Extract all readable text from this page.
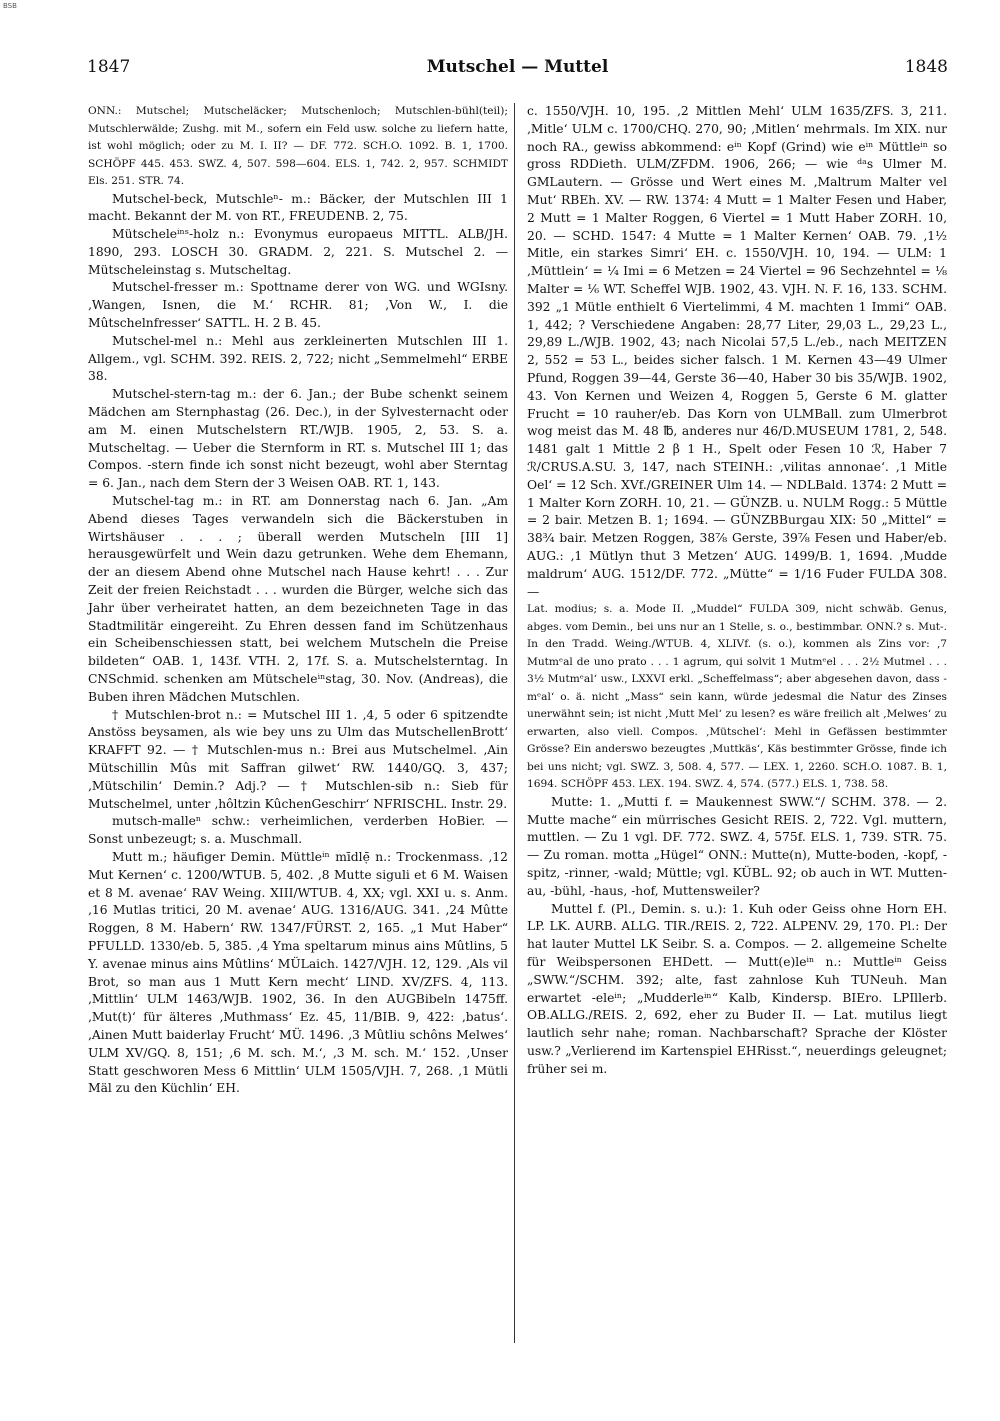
BSB
1847	Mutschel — Muttel	1848

ONN.: Mutschel; Mutscheläcker; Mutschenloch; Mutschlen-bühl(teil); Mutschlerwälde; Zushg. mit M., sofern ein Feld usw. solche zu liefern hatte, ist wohl möglich; oder zu M. I. II? — DF. 772. SCH.O. 1092. B. 1, 1700. SCHÖPF 445. 453. SWZ. 4, 507. 598—604. ELS. 1, 742. 2, 957. SCHMIDT Els. 251. STR. 74.

Mutschel-beck, Mutschleⁿ- m.: Bäcker, der Mutschlen III 1 macht. Bekannt der M. von RT., FREUDENB. 2, 75.

Mütscheleⁱⁿˢ-holz n.: Evonymus europaeus MITTL. ALB/JH. 1890, 293. LOSCH 30. GRADM. 2, 221. S. Mutschel 2. — Mütscheleinstag s. Mutscheltag.

Mutschel-fresser m.: Spottname derer von WG. und WGIsny. ‚Wangen, Isnen, die M.‘ RCHR. 81; ‚Von W., I. die Mûtschelnfresser‘ SATTL. H. 2 B. 45.

Mutschel-mel n.: Mehl aus zerkleinerten Mutschlen III 1. Allgem., vgl. SCHM. 392. REIS. 2, 722; nicht „Semmelmehl“ ERBE 38.

Mutschel-stern-tag m.: der 6. Jan.; der Bube schenkt seinem Mädchen am Sternphastag (26. Dec.), in der Sylvesternacht oder am M. einen Mutschelstern RT./WJB. 1905, 2, 53. S. a. Mutscheltag. — Ueber die Sternform in RT. s. Mutschel III 1; das Compos. -stern finde ich sonst nicht bezeugt, wohl aber Sterntag = 6. Jan., nach dem Stern der 3 Weisen OAB. RT. 1, 143.

Mutschel-tag m.: in RT. am Donnerstag nach 6. Jan. „Am Abend dieses Tages verwandeln sich die Bäckerstuben in Wirtshäuser . . . ; überall werden Mutscheln [III 1] herausgewürfelt und Wein dazu getrunken. Wehe dem Ehemann, der an diesem Abend ohne Mutschel nach Hause kehrt! . . . Zur Zeit der freien Reichstadt . . . wurden die Bürger, welche sich das Jahr über verheiratet hatten, an dem bezeichneten Tage in das Stadtmilitär eingereiht. Zu Ehren dessen fand im Schützenhaus ein Scheibenschiessen statt, bei welchem Mutscheln die Preise bildeten“ OAB. 1, 143f. VTH. 2, 17f. S. a. Mutschelsterntag. In CNSchmid. schenken am Mütscheleⁱⁿstag, 30. Nov. (Andreas), die Buben ihren Mädchen Mutschlen.

† Mutschlen-brot n.: = Mutschel III 1. ‚4, 5 oder 6 spitzendte Anstöss beysamen, als wie bey uns zu Ulm das MutschellenBrott‘ KRAFFT 92. — † Mutschlen-mus n.: Brei aus Mutschelmel. ‚Ain Mütschillin Mûs mit Saffran gilwet‘ RW. 1440/GQ. 3, 437; ‚Mütschilin‘ Demin.? Adj.? — † Mutschlen-sib n.: Sieb für Mutschelmel, unter ‚hôltzin KûchenGeschirr‘ NFRISCHL. Instr. 29.

mutsch-malleⁿ schw.: verheimlichen, verderben HoBier. — Sonst unbezeugt; s. a. Muschmall.

Mutt m.; häufiger Demin. Müttleⁱⁿ mīdlẹ̄ n.: Trockenmass. ‚12 Mut Kernen‘ c. 1200/WTUB. 5, 402. ‚8 Mutte siguli et 6 M. Waisen et 8 M. avenae‘ RAV Weing. XIII/WTUB. 4, XX; vgl. XXI u. s. Anm. ‚16 Mutlas tritici, 20 M. avenae‘ AUG. 1316/AUG. 341. ‚24 Mûtte Roggen, 8 M. Habern‘ RW. 1347/FÜRST. 2, 165. „1 Mut Haber“ PFULLD. 1330/eb. 5, 385. ‚4 Yma speltarum minus ains Mûtlins, 5 Y. avenae minus ains Mûtlins‘ MÜLaich. 1427/VJH. 12, 129. ‚Als vil Brot, so man aus 1 Mutt Kern mecht‘ LIND. XV/ZFS. 4, 113. ‚Mittlin‘ ULM 1463/WJB. 1902, 36. In den AUGBibeln 1475ff. ‚Mut(t)‘ für älteres ‚Muthmass‘ Ez. 45, 11/BIB. 9, 422: ‚batus‘. ‚Ainen Mutt baiderlay Frucht‘ MÜ. 1496. ‚3 Mûtliu schôns Melwes‘ ULM XV/GQ. 8, 151; ‚6 M. sch. M.‘, ‚3 M. sch. M.‘ 152. ‚Unser Statt geschworen Mess 6 Mittlin‘ ULM 1505/VJH. 7, 268. ‚1 Mütli Mäl zu den Küchlin‘ EH.

c. 1550/VJH. 10, 195. ‚2 Mittlen Mehl‘ ULM 1635/ZFS. 3, 211. ‚Mitle‘ ULM c. 1700/CHQ. 270, 90; ‚Mitlen‘ mehrmals. Im XIX. nur noch RA., gewiss abkommend: eⁱⁿ Kopf (Grind) wie eⁱⁿ Müttleⁱⁿ so gross RDDieth. ULM/ZFDM. 1906, 266; — wie ᵈᵃs Ulmer M. GMLautern. — Grösse und Wert eines M. ‚Maltrum Malter vel Mut‘ RBEh. XV. — RW. 1374: 4 Mutt = 1 Malter Fesen und Haber, 2 Mutt = 1 Malter Roggen, 6 Viertel = 1 Mutt Haber ZORH. 10, 20. — SCHD. 1547: 4 Mutte = 1 Malter Kernen‘ OAB. 79. ‚1½ Mitle, ein starkes Simri‘ EH. c. 1550/VJH. 10, 194. — ULM: 1 ‚Müttlein‘ = ¼ Imi = 6 Metzen = 24 Viertel = 96 Sechzehntel = ⅛ Malter = ⅙ WT. Scheffel WJB. 1902, 43. VJH. N. F. 16, 133. SCHM. 392 „1 Mütle enthielt 6 Viertelimmi, 4 M. machten 1 Immi“ OAB. 1, 442; ? Verschiedene Angaben: 28,77 Liter, 29,03 L., 29,23 L., 29,89 L./WJB. 1902, 43; nach Nicolai 57,5 L./eb., nach MEITZEN 2, 552 = 53 L., beides sicher falsch. 1 M. Kernen 43—49 Ulmer Pfund, Roggen 39—44, Gerste 36—40, Haber 30 bis 35/WJB. 1902, 43. Von Kernen und Weizen 4, Roggen 5, Gerste 6 M. glatter Frucht = 10 rauher/eb. Das Korn von ULMBall. zum Ulmerbrot wog meist das M. 48 ℔, anderes nur 46/D.MUSEUM 1781, 2, 548. 1481 galt 1 Mittle 2 β 1 H., Spelt oder Fesen 10 ℛ, Haber 7 ℛ/CRUS.A.SU. 3, 147, nach STEINH.: ‚vilitas annonae‘. ‚1 Mitle Oel‘ = 12 Sch. XVf./GREINER Ulm 14. — NDLBald. 1374: 2 Mutt = 1 Malter Korn ZORH. 10, 21. — GÜNZB. u. NULM Rogg.: 5 Müttle = 2 bair. Metzen B. 1; 1694. — GÜNZBBurgau XIX: 50 „Mittel“ = 38¾ bair. Metzen Roggen, 38⅞ Gerste, 39⅞ Fesen und Haber/eb. AUG.: ‚1 Mütlyn thut 3 Metzen‘ AUG. 1499/B. 1, 1694. ‚Mudde maldrum‘ AUG. 1512/DF. 772. „Mütte“ = 1/16 Fuder FULDA 308. —

Lat. modius; s. a. Mode II. „Muddel“ FULDA 309, nicht schwäb. Genus, abges. vom Demin., bei uns nur an 1 Stelle, s. o., bestimmbar. ONN.? s. Mut-. In den Tradd. Weing./WTUB. 4, XLIVf. (s. o.), kommen als Zins vor: ‚7 Mutmᵉal de uno prato . . . 1 agrum, qui solvit 1 Mutmᵉel . . . 2½ Mutmel . . . 3½ Mutmᵉal‘ usw., LXXVI erkl. „Scheffelmass“; aber abgesehen davon, dass -mᵉal‘ o. ä. nicht „Mass“ sein kann, würde jedesmal die Natur des Zinses unerwähnt sein; ist nicht ‚Mutt Mel‘ zu lesen? es wäre freilich alt ‚Melwes‘ zu erwarten, also viell. Compos. ‚Mütschel‘: Mehl in Gefässen bestimmter Grösse? Ein anderswo bezeugtes ‚Muttkäs‘, Käs bestimmter Grösse, finde ich bei uns nicht; vgl. SWZ. 3, 508. 4, 577. — LEX. 1, 2260. SCH.O. 1087. B. 1, 1694. SCHÖPF 453. LEX. 194. SWZ. 4, 574. (577.) ELS. 1, 738. 58.

Mutte: 1. „Mutti f. = Maukennest SWW.“/ SCHM. 378. — 2. Mutte mache“ ein mürrisches Gesicht REIS. 2, 722. Vgl. muttern, muttlen. — Zu 1 vgl. DF. 772. SWZ. 4, 575f. ELS. 1, 739. STR. 75. — Zu roman. motta „Hügel“ ONN.: Mutte(n), Mutte-boden, -kopf, -spitz, -rinner, -wald; Müttle; vgl. KÜBL. 92; ob auch in WT. Mutten-au, -bühl, -haus, -hof, Muttensweiler?

Muttel f. (Pl., Demin. s. u.): 1. Kuh oder Geiss ohne Horn EH. LP. LK. AURB. ALLG. TIR./REIS. 2, 722. ALPENV. 29, 170. Pl.: Der hat lauter Muttel LK Seibr. S. a. Compos. — 2. allgemeine Schelte für Weibspersonen EHDett. — Mutt(e)leⁱⁿ n.: Muttleⁱⁿ Geiss „SWW.“/SCHM. 392; alte, fast zahnlose Kuh TUNeuh. Man erwartet -eleⁱⁿ; „Mudderleⁱⁿ“ Kalb, Kindersp. BIEro. LPIllerb. OB.ALLG./REIS. 2, 692, eher zu Buder II. — Lat. mutilus liegt lautlich sehr nahe; roman. Nachbarschaft? Sprache der Klöster usw.? „Verlierend im Kartenspiel EHRisst.“, neuerdings geleugnet; früher sei m.
